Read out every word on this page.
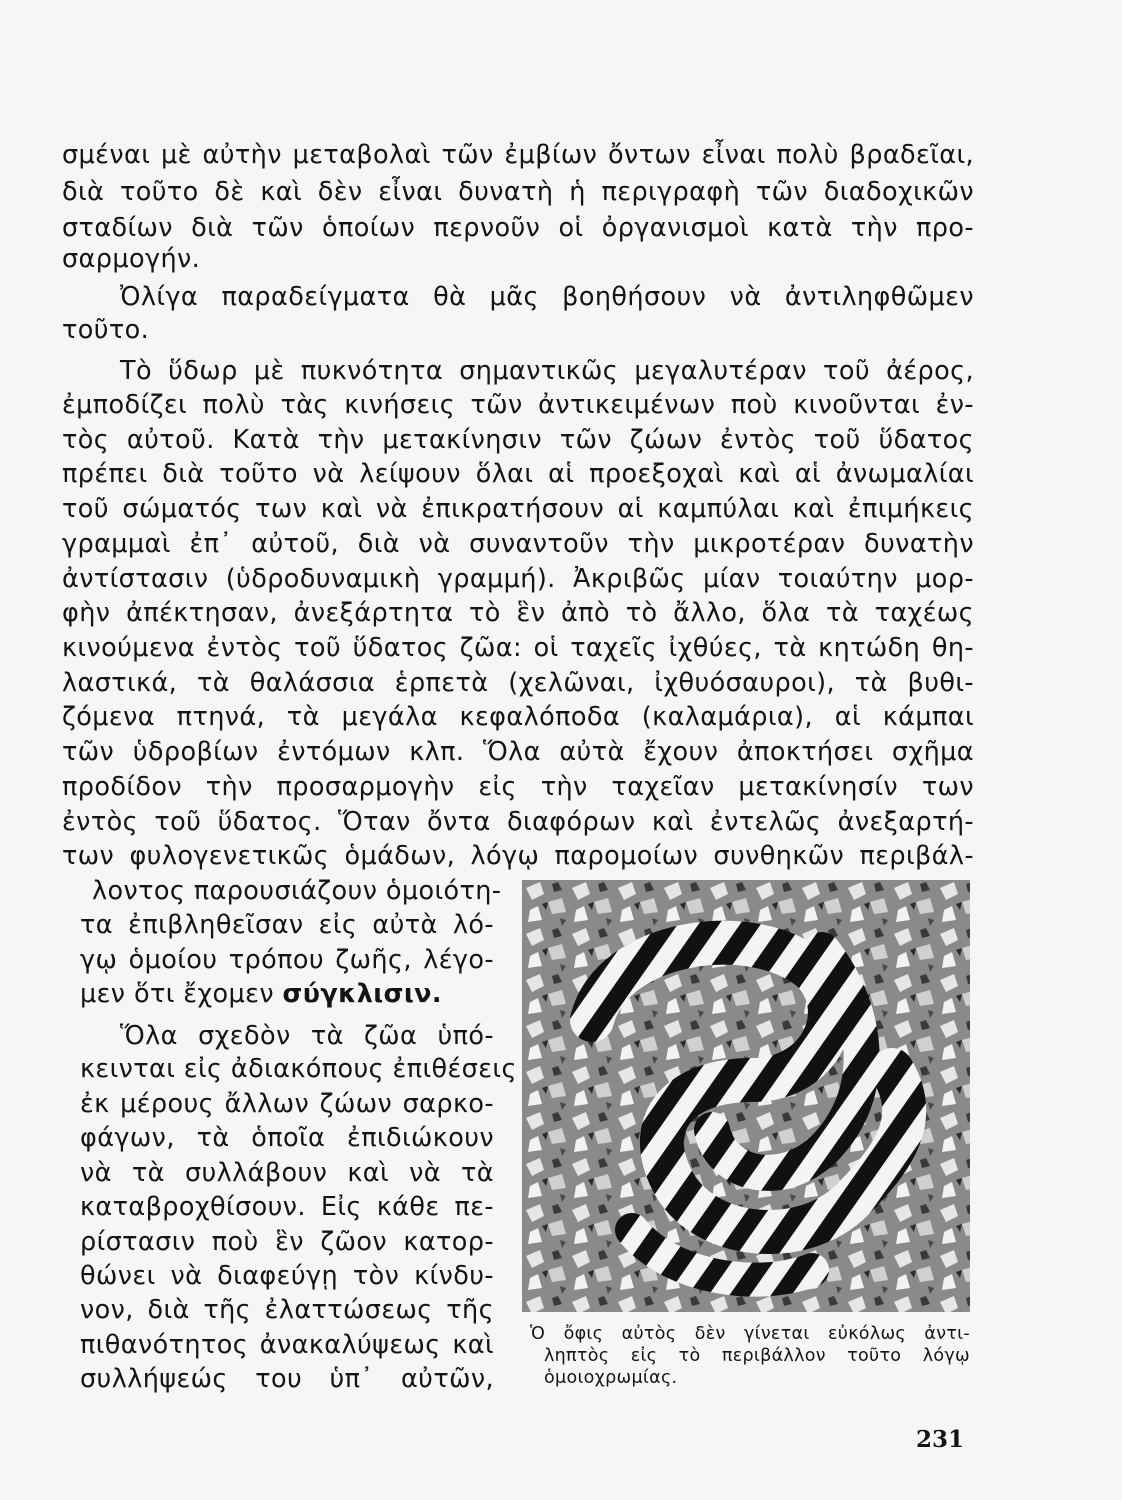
σμέναι μὲ αὐτὴν μεταβολαὶ τῶν ἐμβίων ὄντων εἶναι πολὺ βραδεῖαι,
διὰ τοῦτο δὲ καὶ δὲν εἶναι δυνατὴ ἡ περιγραφὴ τῶν διαδοχικῶν
σταδίων διὰ τῶν ὁποίων περνοῦν οἱ ὀργανισμοὶ κατὰ τὴν προ-
σαρμογήν.
Ὀλίγα παραδείγματα θὰ μᾶς βοηθήσουν νὰ ἀντιληφθῶμεν
τοῦτο.
Τὸ ὕδωρ μὲ πυκνότητα σημαντικῶς μεγαλυτέραν τοῦ ἀέρος,
ἐμποδίζει πολὺ τὰς κινήσεις τῶν ἀντικειμένων ποὺ κινοῦνται ἐν-
τὸς αὐτοῦ. Κατὰ τὴν μετακίνησιν τῶν ζώων ἐντὸς τοῦ ὕδατος
πρέπει διὰ τοῦτο νὰ λείψουν ὅλαι αἱ προεξοχαὶ καὶ αἱ ἀνωμαλίαι
τοῦ σώματός των καὶ νὰ ἐπικρατήσουν αἱ καμπύλαι καὶ ἐπιμήκεις
γραμμαὶ ἐπ᾽ αὐτοῦ, διὰ νὰ συναντοῦν τὴν μικροτέραν δυνατὴν
ἀντίστασιν (ὑδροδυναμικὴ γραμμή). Ἀκριβῶς μίαν τοιαύτην μορ-
φὴν ἀπέκτησαν, ἀνεξάρτητα τὸ ἓν ἀπὸ τὸ ἄλλο, ὅλα τὰ ταχέως
κινούμενα ἐντὸς τοῦ ὕδατος ζῶα: οἱ ταχεῖς ἰχθύες, τὰ κητώδη θη-
λαστικά, τὰ θαλάσσια ἑρπετὰ (χελῶναι, ἰχθυόσαυροι), τὰ βυθι-
ζόμενα πτηνά, τὰ μεγάλα κεφαλόποδα (καλαμάρια), αἱ κάμπαι
τῶν ὑδροβίων ἐντόμων κλπ. Ὅλα αὐτὰ ἔχουν ἀποκτήσει σχῆμα
προδίδον τὴν προσαρμογὴν εἰς τὴν ταχεῖαν μετακίνησίν των
ἐντὸς τοῦ ὕδατος. Ὅταν ὄντα διαφόρων καὶ ἐντελῶς ἀνεξαρτή-
των φυλογενετικῶς ὁμάδων, λόγῳ παρομοίων συνθηκῶν περιβάλ-
λοντος παρουσιάζουν ὁμοιότη-
τα ἐπιβληθεῖσαν εἰς αὐτὰ λό-
γῳ ὁμοίου τρόπου ζωῆς, λέγο-
μεν ὅτι ἔχομεν σύγκλισιν.
Ὅλα σχεδὸν τὰ ζῶα ὑπό-
κεινται εἰς ἀδιακόπους ἐπιθέσεις
ἐκ μέρους ἄλλων ζώων σαρκο-
φάγων, τὰ ὁποῖα ἐπιδιώκουν
νὰ τὰ συλλάβουν καὶ νὰ τὰ
καταβροχθίσουν. Εἰς κάθε πε-
ρίστασιν ποὺ ἓν ζῶον κατορ-
θώνει νὰ διαφεύγῃ τὸν κίνδυ-
νον, διὰ τῆς ἐλαττώσεως τῆς
πιθανότητος ἀνακαλύψεως καὶ
συλλήψεώς του ὑπ᾽ αὐτῶν,
Ὁ ὄφις αὐτὸς δὲν γίνεται εὐκόλως ἀντι-
ληπτὸς εἰς τὸ περιβάλλον τοῦτο λόγῳ
ὁμοιοχρωμίας.
231
